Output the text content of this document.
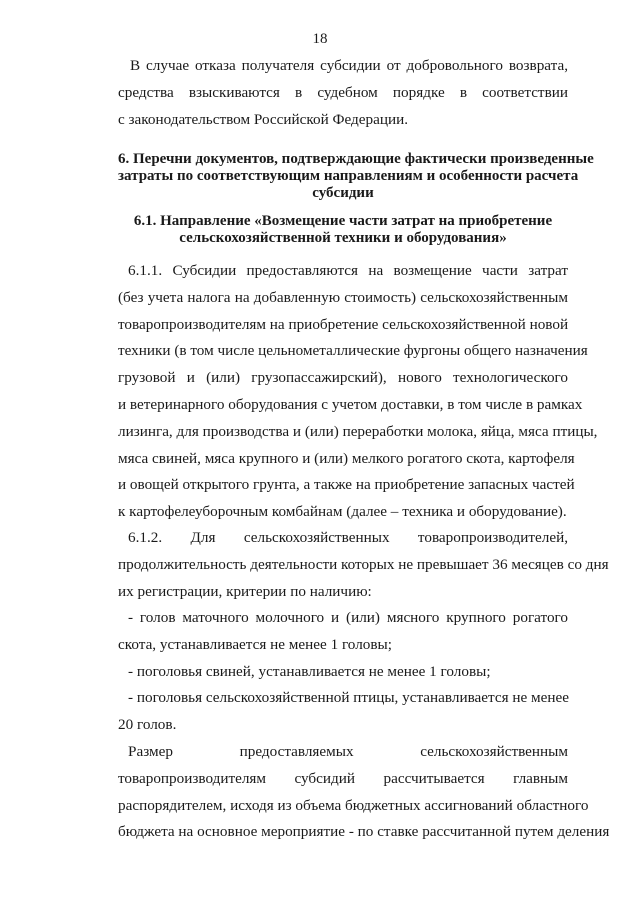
18
В случае отказа получателя субсидии от добровольного возврата,
средства взыскиваются в судебном порядке в соответствии
с законодательством Российской Федерации.
6. Перечни документов, подтверждающие фактически произведенные
затраты по соответствующим направлениям и особенности расчета
субсидии
6.1. Направление «Возмещение части затрат на приобретение
сельскохозяйственной техники и оборудования»
6.1.1. Субсидии предоставляются на возмещение части затрат
(без учета налога на добавленную стоимость) сельскохозяйственным
товаропроизводителям на приобретение сельскохозяйственной новой
техники (в том числе цельнометаллические фургоны общего назначения
грузовой и (или) грузопассажирский), нового технологического
и ветеринарного оборудования с учетом доставки, в том числе в рамках
лизинга, для производства и (или) переработки молока, яйца, мяса птицы,
мяса свиней, мяса крупного и (или) мелкого рогатого скота, картофеля
и овощей открытого грунта, а также на приобретение запасных частей
к картофелеуборочным комбайнам (далее – техника и оборудование).
6.1.2. Для сельскохозяйственных товаропроизводителей,
продолжительность деятельности которых не превышает 36 месяцев со дня
их регистрации, критерии по наличию:
- голов маточного молочного и (или) мясного крупного рогатого
скота, устанавливается не менее 1 головы;
- поголовья свиней, устанавливается не менее 1 головы;
- поголовья сельскохозяйственной птицы, устанавливается не менее
20 голов.
Размер предоставляемых сельскохозяйственным
товаропроизводителям субсидий рассчитывается главным
распорядителем, исходя из объема бюджетных ассигнований областного
бюджета на основное мероприятие - по ставке рассчитанной путем деления
